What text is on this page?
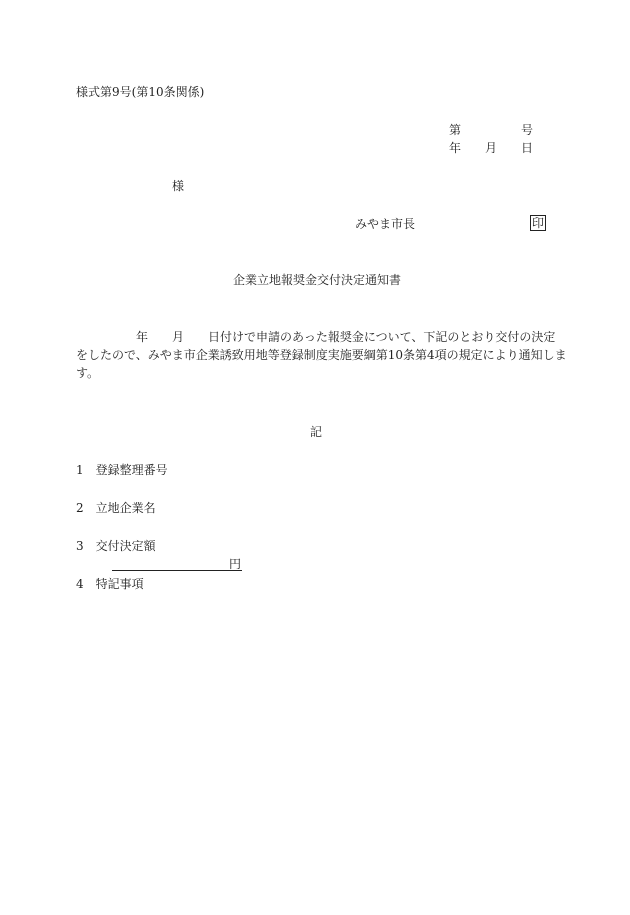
様式第9号(第10条関係)
第	号
年 月 日
様
みやま市長	印
企業立地報奨金交付決定通知書
年 月 日付けで申請のあった報奨金について、下記のとおり交付の決定
をしたので、みやま市企業誘致用地等登録制度実施要綱第10条第4項の規定により通知しま
す。
記
1 登録整理番号
2 立地企業名
3 交付決定額
円
4 特記事項
